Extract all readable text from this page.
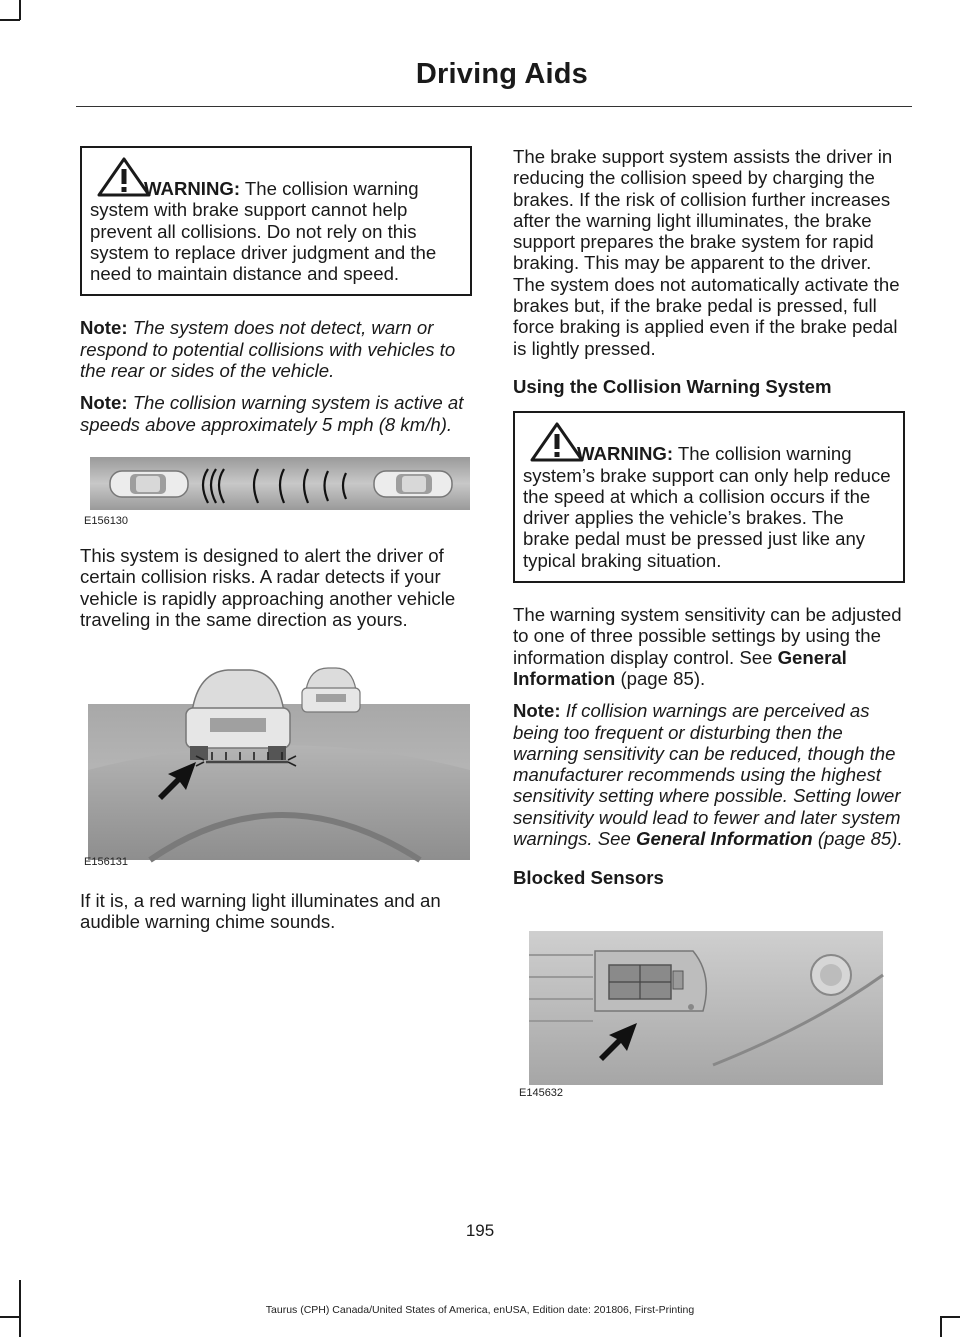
Driving Aids

WARNING: The collision warning system with brake support cannot help prevent all collisions. Do not rely on this system to replace driver judgment and the need to maintain distance and speed.

Note: The system does not detect, warn or respond to potential collisions with vehicles to the rear or sides of the vehicle.

Note: The collision warning system is active at speeds above approximately 5 mph (8 km/h).

E156130

This system is designed to alert the driver of certain collision risks. A radar detects if your vehicle is rapidly approaching another vehicle traveling in the same direction as yours.

E156131

If it is, a red warning light illuminates and an audible warning chime sounds.

The brake support system assists the driver in reducing the collision speed by charging the brakes. If the risk of collision further increases after the warning light illuminates, the brake support prepares the brake system for rapid braking. This may be apparent to the driver. The system does not automatically activate the brakes but, if the brake pedal is pressed, full force braking is applied even if the brake pedal is lightly pressed.

Using the Collision Warning System

WARNING: The collision warning system’s brake support can only help reduce the speed at which a collision occurs if the driver applies the vehicle’s brakes. The brake pedal must be pressed just like any typical braking situation.

The warning system sensitivity can be adjusted to one of three possible settings by using the information display control. See General Information (page 85).

Note: If collision warnings are perceived as being too frequent or disturbing then the warning sensitivity can be reduced, though the manufacturer recommends using the highest sensitivity setting where possible. Setting lower sensitivity would lead to fewer and later system warnings. See General Information (page 85).

Blocked Sensors

E145632
195
Taurus (CPH) Canada/United States of America, enUSA, Edition date: 201806, First-Printing
